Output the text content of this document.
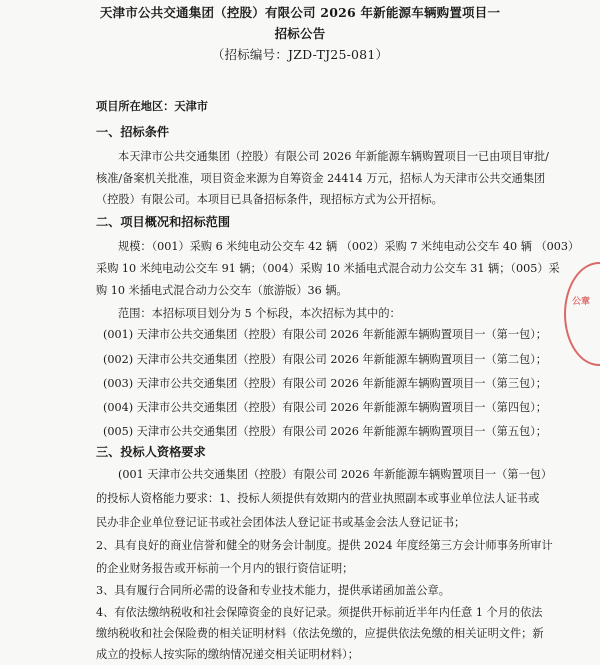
天津市公共交通集团（控股）有限公司 2026 年新能源车辆购置项目一
招标公告
（招标编号：JZD-TJ25-081）
项目所在地区：天津市
一、招标条件
本天津市公共交通集团（控股）有限公司 2026 年新能源车辆购置项目一已由项目审批/
核准/备案机关批准，项目资金来源为自筹资金 24414 万元，招标人为天津市公共交通集团
（控股）有限公司。本项目已具备招标条件，现招标方式为公开招标。
二、项目概况和招标范围
规模：（001）采购 6 米纯电动公交车 42 辆 （002）采购 7 米纯电动公交车 40 辆 （003）
采购 10 米纯电动公交车 91 辆；（004）采购 10 米插电式混合动力公交车 31 辆；（005）采
购 10 米插电式混合动力公交车（旅游版）36 辆。
范围：本招标项目划分为 5 个标段，本次招标为其中的：
(001) 天津市公共交通集团（控股）有限公司 2026 年新能源车辆购置项目一（第一包）；
(002) 天津市公共交通集团（控股）有限公司 2026 年新能源车辆购置项目一（第二包）；
(003) 天津市公共交通集团（控股）有限公司 2026 年新能源车辆购置项目一（第三包）；
(004) 天津市公共交通集团（控股）有限公司 2026 年新能源车辆购置项目一（第四包）；
(005) 天津市公共交通集团（控股）有限公司 2026 年新能源车辆购置项目一（第五包）；
三、投标人资格要求
(001 天津市公共交通集团（控股）有限公司 2026 年新能源车辆购置项目一（第一包）
的投标人资格能力要求：1、投标人须提供有效期内的营业执照副本或事业单位法人证书或
民办非企业单位登记证书或社会团体法人登记证书或基金会法人登记证书；
2、具有良好的商业信誉和健全的财务会计制度。提供 2024 年度经第三方会计师事务所审计
的企业财务报告或开标前一个月内的银行资信证明；
3、具有履行合同所必需的设备和专业技术能力，提供承诺函加盖公章。
4、有依法缴纳税收和社会保障资金的良好记录。须提供开标前近半年内任意 1 个月的依法
缴纳税收和社会保险费的相关证明材料（依法免缴的，应提供依法免缴的相关证明文件；新
成立的投标人按实际的缴纳情况递交相关证明材料）；
公章
